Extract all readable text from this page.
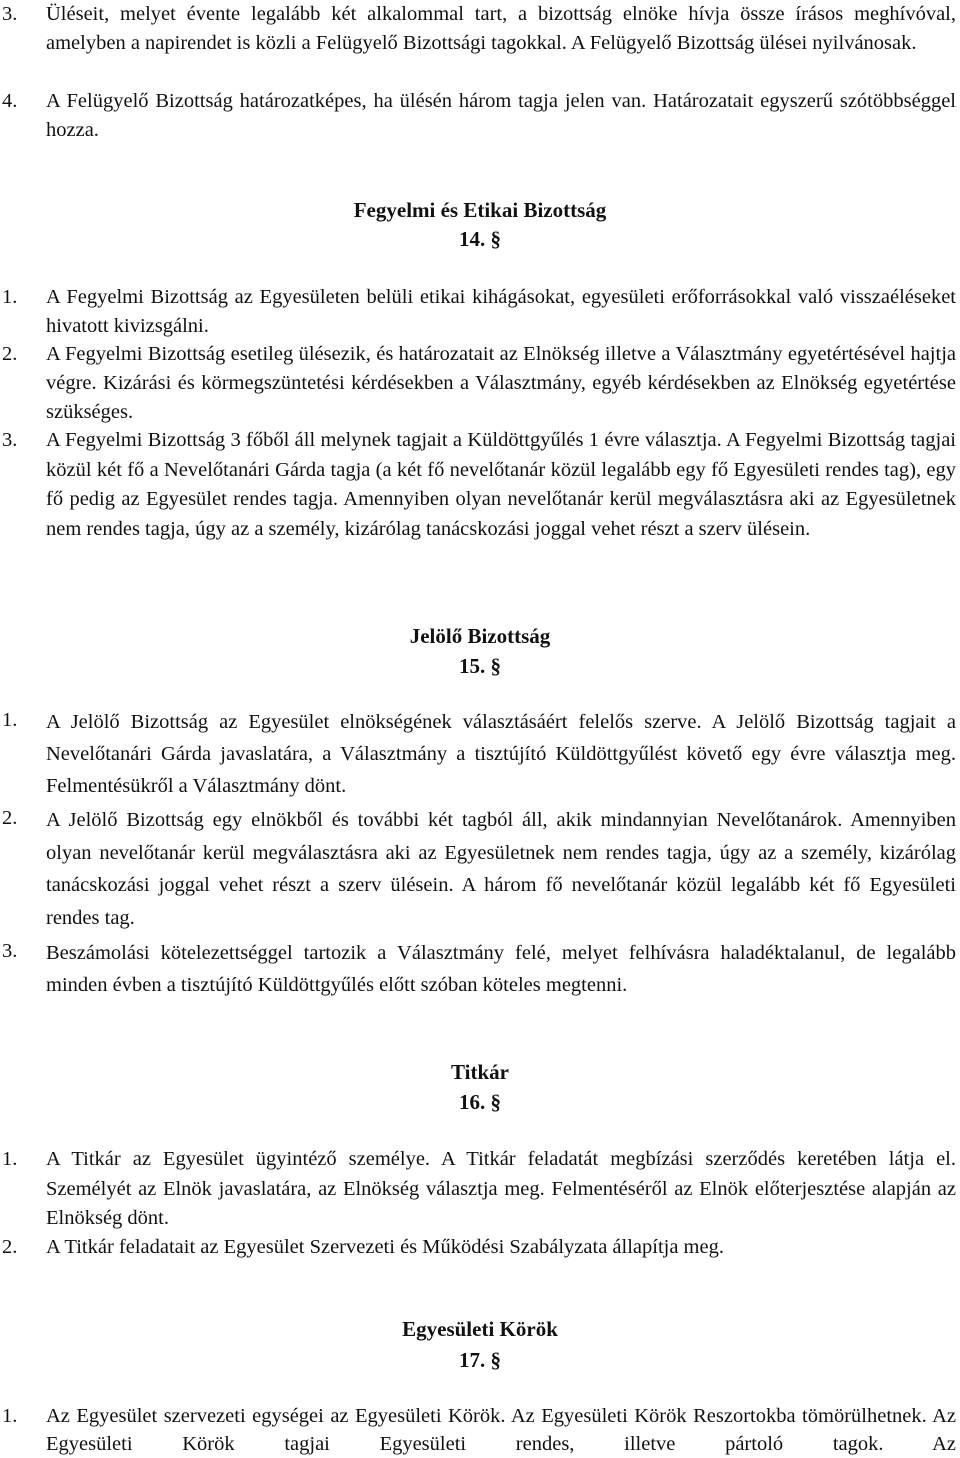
3. Üléseit, melyet évente legalább két alkalommal tart, a bizottság elnöke hívja össze írásos meghívóval, amelyben a napirendet is közli a Felügyelő Bizottsági tagokkal. A Felügyelő Bizottság ülései nyilvánosak.
4. A Felügyelő Bizottság határozatképes, ha ülésén három tagja jelen van. Határozatait egyszerű szótöbbséggel hozza.
Fegyelmi és Etikai Bizottság
14. §
1. A Fegyelmi Bizottság az Egyesületen belüli etikai kihágásokat, egyesületi erőforrásokkal való visszaéléseket hivatott kivizsgálni.
2. A Fegyelmi Bizottság esetileg ülésezik, és határozatait az Elnökség illetve a Választmány egyetértésével hajtja végre. Kizárási és körmegszüntetési kérdésekben a Választmány, egyéb kérdésekben az Elnökség egyetértése szükséges.
3. A Fegyelmi Bizottság 3 főből áll melynek tagjait a Küldöttgyűlés 1 évre választja. A Fegyelmi Bizottság tagjai közül két fő a Nevelőtanári Gárda tagja (a két fő nevelőtanár közül legalább egy fő Egyesületi rendes tag), egy fő pedig az Egyesület rendes tagja. Amennyiben olyan nevelőtanár kerül megválasztásra aki az Egyesületnek nem rendes tagja, úgy az a személy, kizárólag tanácskozási joggal vehet részt a szerv ülésein.
Jelölő Bizottság
15. §
1. A Jelölő Bizottság az Egyesület elnökségének választásáért felelős szerve. A Jelölő Bizottság tagjait a Nevelőtanári Gárda javaslatára, a Választmány a tisztújító Küldöttgyűlést követő egy évre választja meg. Felmentésükről a Választmány dönt.
2. A Jelölő Bizottság egy elnökből és további két tagból áll, akik mindannyian Nevelőtanárok. Amennyiben olyan nevelőtanár kerül megválasztásra aki az Egyesületnek nem rendes tagja, úgy az a személy, kizárólag tanácskozási joggal vehet részt a szerv ülésein. A három fő nevelőtanár közül legalább két fő Egyesületi rendes tag.
3. Beszámolási kötelezettséggel tartozik a Választmány felé, melyet felhívásra haladéktalanul, de legalább minden évben a tisztújító Küldöttgyűlés előtt szóban köteles megtenni.
Titkár
16. §
1. A Titkár az Egyesület ügyintéző személye. A Titkár feladatát megbízási szerződés keretében látja el. Személyét az Elnök javaslatára, az Elnökség választja meg. Felmentéséről az Elnök előterjesztése alapján az Elnökség dönt.
2. A Titkár feladatait az Egyesület Szervezeti és Működési Szabályzata állapítja meg.
Egyesületi Körök
17. §
1. Az Egyesület szervezeti egységei az Egyesületi Körök. Az Egyesületi Körök Reszortokba tömörülhetnek. Az Egyesületi Körök tagjai Egyesületi rendes, illetve pártoló tagok. Az
